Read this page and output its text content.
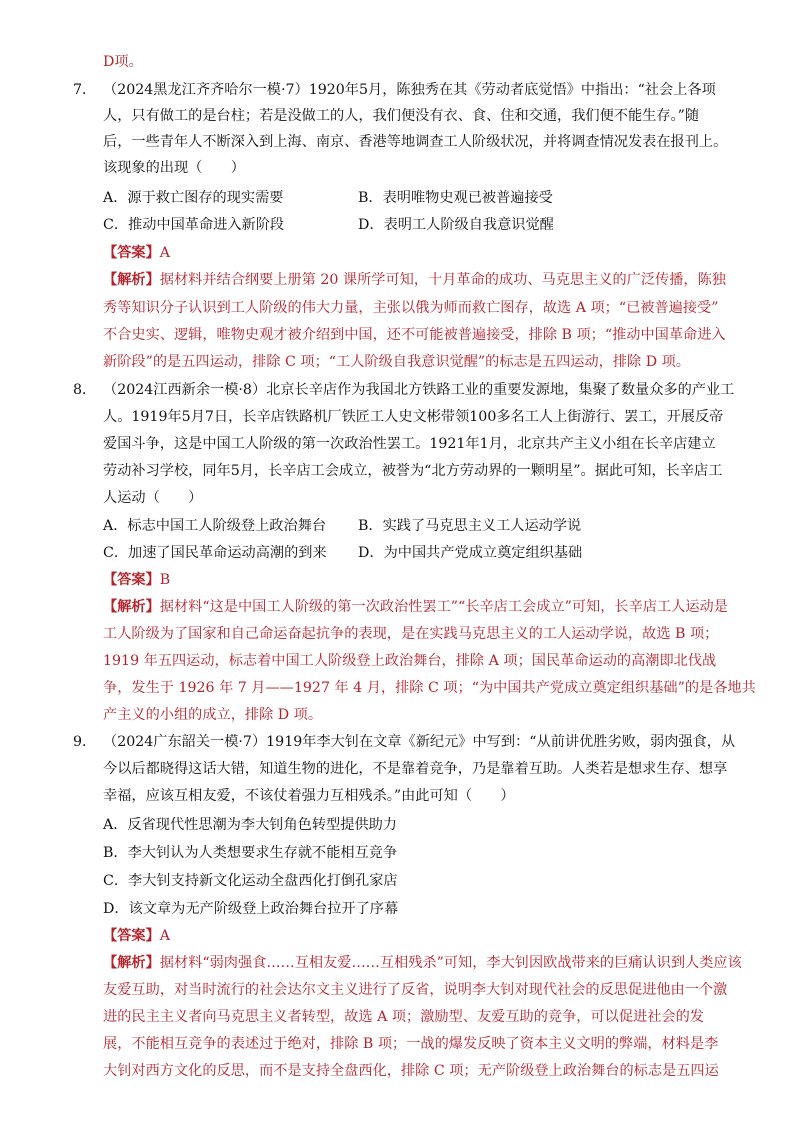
D项。
7． （2024黑龙江齐齐哈尔一模·7）1920年5月，陈独秀在其《劳动者底觉悟》中指出：“社会上各项
人，只有做工的是台柱；若是没做工的人，我们便没有衣、食、住和交通，我们便不能生存。”随
后，一些青年人不断深入到上海、南京、香港等地调查工人阶级状况，并将调查情况发表在报刊上。
该现象的出现（　　）
A．源于救亡图存的现实需要	B．表明唯物史观已被普遍接受
C．推动中国革命进入新阶段	D．表明工人阶级自我意识觉醒
【答案】A
【解析】据材料并结合纲要上册第 20 课所学可知，十月革命的成功、马克思主义的广泛传播，陈独
秀等知识分子认识到工人阶级的伟大力量，主张以俄为师而救亡图存，故选 A 项；“已被普遍接受”
不合史实、逻辑，唯物史观才被介绍到中国，还不可能被普遍接受，排除 B 项；“推动中国革命进入
新阶段”的是五四运动，排除 C 项；“工人阶级自我意识觉醒”的标志是五四运动，排除 D 项。
8． （2024江西新余一模·8）北京长辛店作为我国北方铁路工业的重要发源地，集聚了数量众多的产业工
人。1919年5月7日，长辛店铁路机厂铁匠工人史文彬带领100多名工人上街游行、罢工，开展反帝
爱国斗争，这是中国工人阶级的第一次政治性罢工。1921年1月，北京共产主义小组在长辛店建立
劳动补习学校，同年5月，长辛店工会成立，被誉为“北方劳动界的一颗明星”。据此可知，长辛店工
人运动（　　）
A．标志中国工人阶级登上政治舞台 B．实践了马克思主义工人运动学说
C．加速了国民革命运动高潮的到来 D．为中国共产党成立奠定组织基础
【答案】B
【解析】据材料“这是中国工人阶级的第一次政治性罢工”“长辛店工会成立”可知，长辛店工人运动是
工人阶级为了国家和自己命运奋起抗争的表现，是在实践马克思主义的工人运动学说，故选 B 项；
1919 年五四运动，标志着中国工人阶级登上政治舞台，排除 A 项；国民革命运动的高潮即北伐战
争，发生于 1926 年 7 月——1927 年 4 月，排除 C 项；“为中国共产党成立奠定组织基础”的是各地共
产主义的小组的成立，排除 D 项。
9． （2024广东韶关一模·7）1919年李大钊在文章《新纪元》中写到：“从前讲优胜劣败，弱肉强食，从
今以后都晓得这话大错，知道生物的进化，不是靠着竞争，乃是靠着互助。人类若是想求生存、想享
幸福，应该互相友爱，不该仗着强力互相残杀。”由此可知（　　）
A．反省现代性思潮为李大钊角色转型提供助力
B．李大钊认为人类想要求生存就不能相互竞争
C．李大钊支持新文化运动全盘西化打倒孔家店
D．该文章为无产阶级登上政治舞台拉开了序幕
【答案】A
【解析】据材料“弱肉强食……互相友爱……互相残杀”可知，李大钊因欧战带来的巨痛认识到人类应该
友爱互助，对当时流行的社会达尔文主义进行了反省，说明李大钊对现代社会的反思促进他由一个激
进的民主主义者向马克思主义者转型，故选 A 项；激励型、友爱互助的竞争，可以促进社会的发
展，不能相互竞争的表述过于绝对，排除 B 项；一战的爆发反映了资本主义文明的弊端，材料是李
大钊对西方文化的反思，而不是支持全盘西化，排除 C 项；无产阶级登上政治舞台的标志是五四运
